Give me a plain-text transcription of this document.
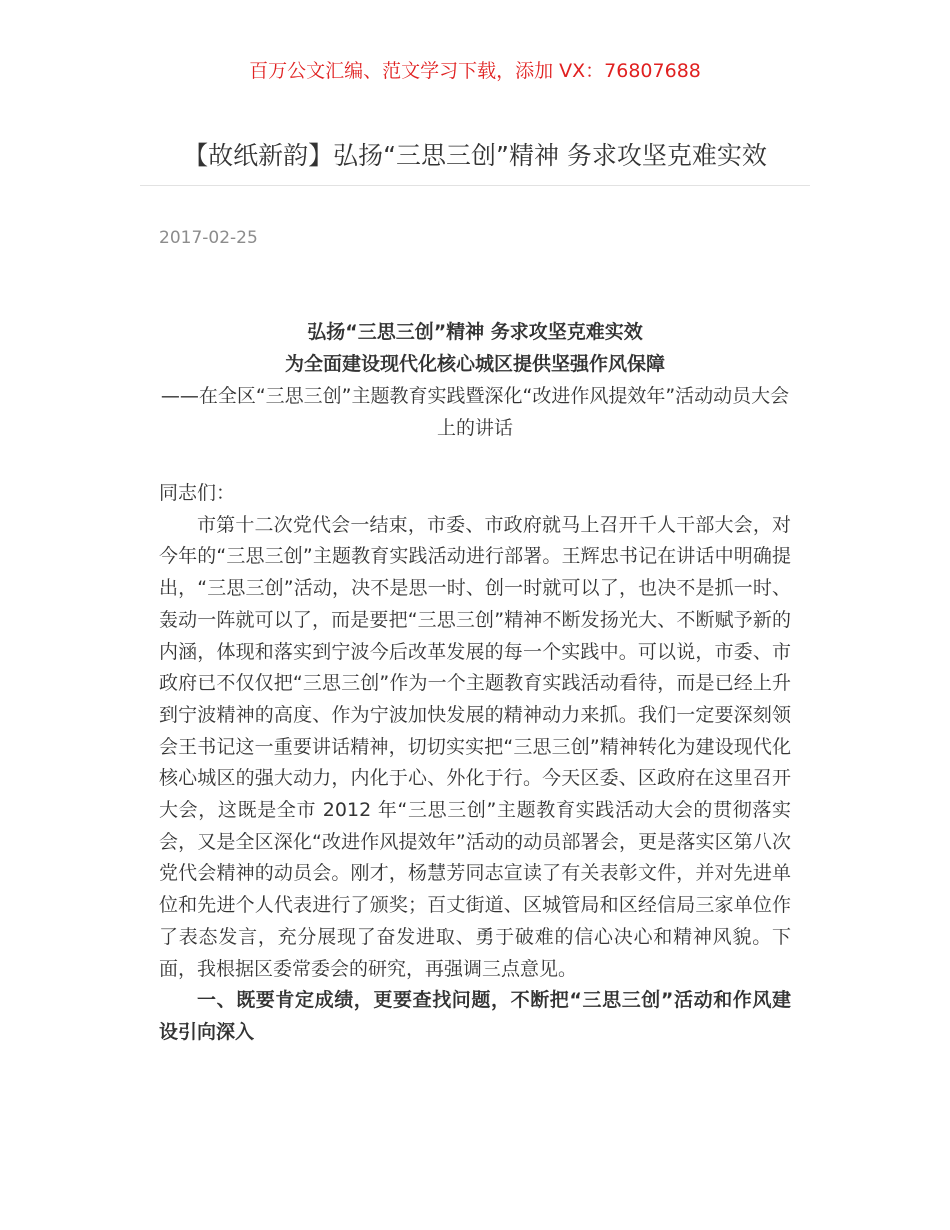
百万公文汇编、范文学习下载，添加 VX：76807688
【故纸新韵】弘扬“三思三创”精神 务求攻坚克难实效
2017-02-25
弘扬“三思三创”精神 务求攻坚克难实效
为全面建设现代化核心城区提供坚强作风保障
——在全区“三思三创”主题教育实践暨深化“改进作风提效年”活动动员大会上的讲话

同志们：

市第十二次党代会一结束，市委、市政府就马上召开千人干部大会，对今年的“三思三创”主题教育实践活动进行部署。王辉忠书记在讲话中明确提出，“三思三创”活动，决不是思一时、创一时就可以了，也决不是抓一时、轰动一阵就可以了，而是要把“三思三创”精神不断发扬光大、不断赋予新的内涵，体现和落实到宁波今后改革发展的每一个实践中。可以说，市委、市政府已不仅仅把“三思三创”作为一个主题教育实践活动看待，而是已经上升到宁波精神的高度、作为宁波加快发展的精神动力来抓。我们一定要深刻领会王书记这一重要讲话精神，切切实实把“三思三创”精神转化为建设现代化核心城区的强大动力，内化于心、外化于行。今天区委、区政府在这里召开大会，这既是全市 2012 年“三思三创”主题教育实践活动大会的贯彻落实会，又是全区深化“改进作风提效年”活动的动员部署会，更是落实区第八次党代会精神的动员会。刚才，杨慧芳同志宣读了有关表彰文件，并对先进单位和先进个人代表进行了颁奖；百丈街道、区城管局和区经信局三家单位作了表态发言，充分展现了奋发进取、勇于破难的信心决心和精神风貌。下面，我根据区委常委会的研究，再强调三点意见。

一、既要肯定成绩，更要查找问题，不断把“三思三创”活动和作风建设引向深入
